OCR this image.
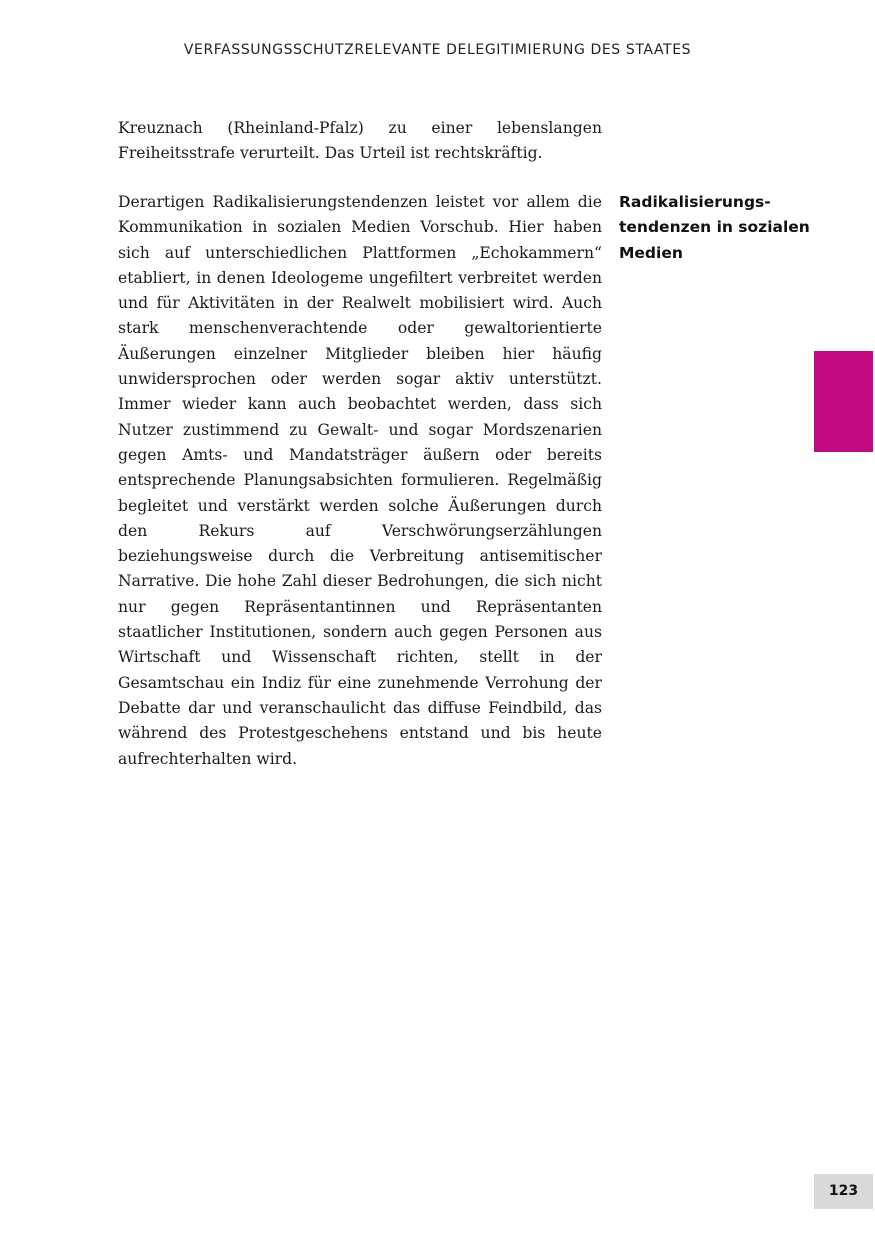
VERFASSUNGSSCHUTZRELEVANTE DELEGITIMIERUNG DES STAATES

Kreuznach (Rheinland-Pfalz) zu einer lebenslangen Freiheitsstrafe verurteilt. Das Urteil ist rechtskräftig.

Derartigen Radikalisierungstendenzen leistet vor allem die Kommunikation in sozialen Medien Vorschub. Hier haben sich auf unterschiedlichen Plattformen „Echokammern“ etabliert, in denen Ideologeme ungefiltert verbreitet werden und für Aktivitäten in der Realwelt mobilisiert wird. Auch stark menschenverachtende oder gewaltorientierte Äußerungen einzelner Mitglieder bleiben hier häufig unwidersprochen oder werden sogar aktiv unterstützt. Immer wieder kann auch beobachtet werden, dass sich Nutzer zustimmend zu Gewalt- und sogar Mordszenarien gegen Amts- und Mandatsträger äußern oder bereits entsprechende Planungsabsichten formulieren. Regelmäßig begleitet und verstärkt werden solche Äußerungen durch den Rekurs auf Verschwörungserzählungen beziehungsweise durch die Verbreitung antisemitischer Narrative. Die hohe Zahl dieser Bedrohungen, die sich nicht nur gegen Repräsentantinnen und Repräsentanten staatlicher Institutionen, sondern auch gegen Personen aus Wirtschaft und Wissenschaft richten, stellt in der Gesamtschau ein Indiz für eine zunehmende Verrohung der Debatte dar und veranschaulicht das diffuse Feindbild, das während des Protestgeschehens entstand und bis heute aufrechterhalten wird.

Radikalisierungs-
tendenzen in sozialen
Medien

123
